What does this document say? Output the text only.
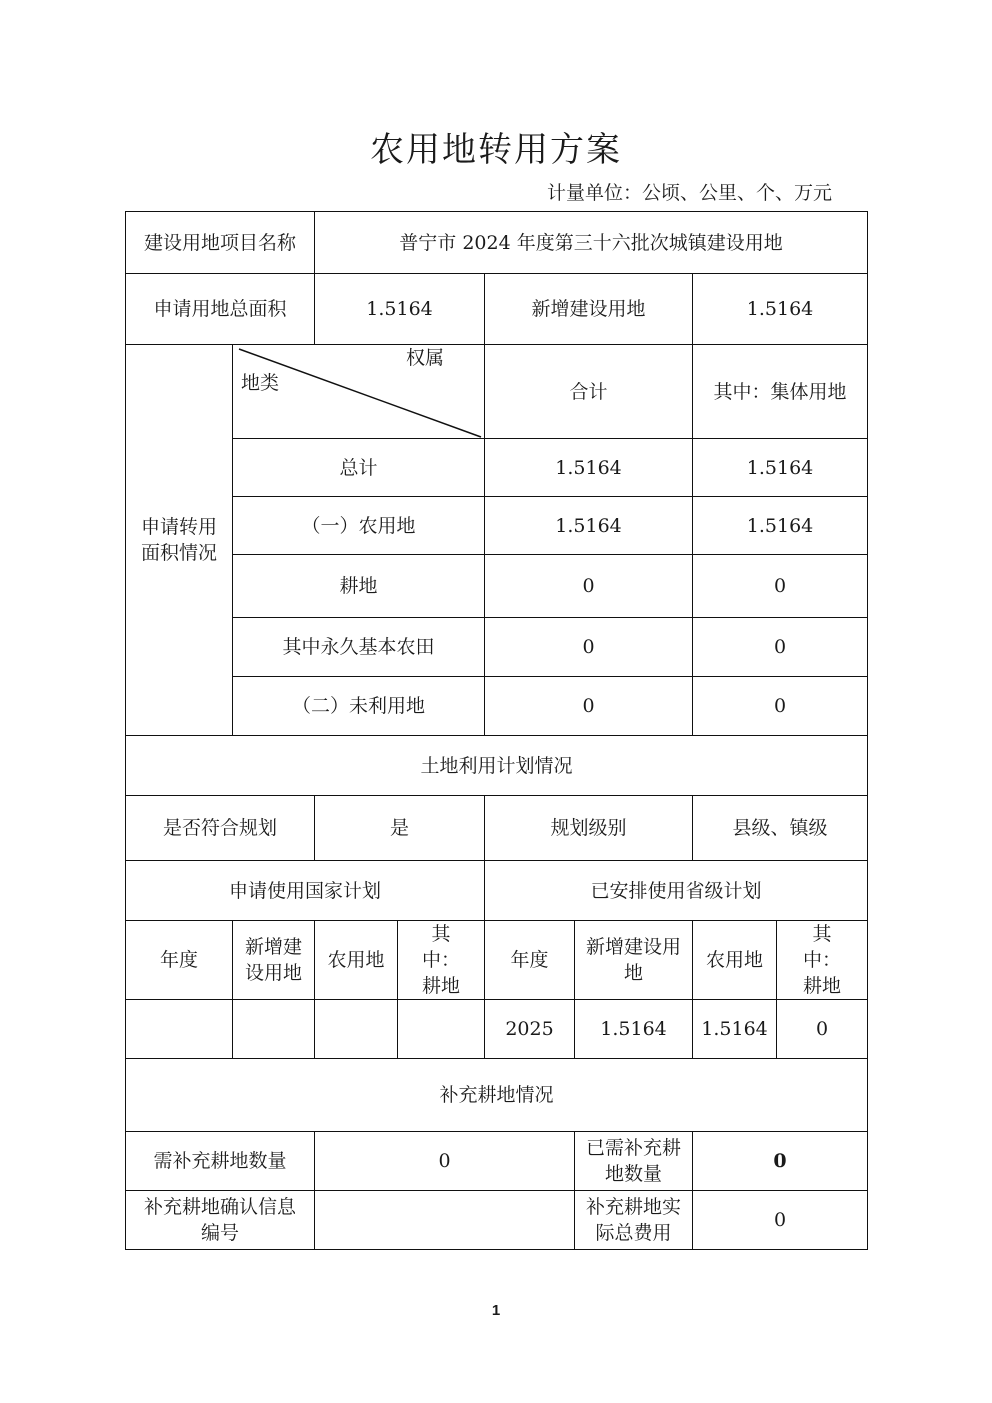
农用地转用方案
计量单位：公顷、公里、个、万元
建设用地项目名称		普宁市 2024 年度第三十六批次城镇建设用地					
申请用地总面积		1.5164		新增建设用地		1.5164	

申请转用面积情况	权属
地类			合计		其中：集体用地	
	总计			1.5164		1.5164	
	（一）农用地			1.5164		1.5164	
	耕地			0		0	
	其中永久基本农田			0		0	
	（二）未利用地			0		0	
土地利用计划情况							
是否符合规划		是		规划级别		县级、镇级	
申请使用国家计划				已安排使用省级计划			
年度	新增建设用地	农用地	其中：耕地	年度	新增建设用地	农用地	其中：耕地

				2025	1.5164	1.5164	0
补充耕地情况							
需补充耕地数量		0			已需补充耕地数量	0	

补充耕地确认信息编号					补充耕地实际总费用	0	
1
